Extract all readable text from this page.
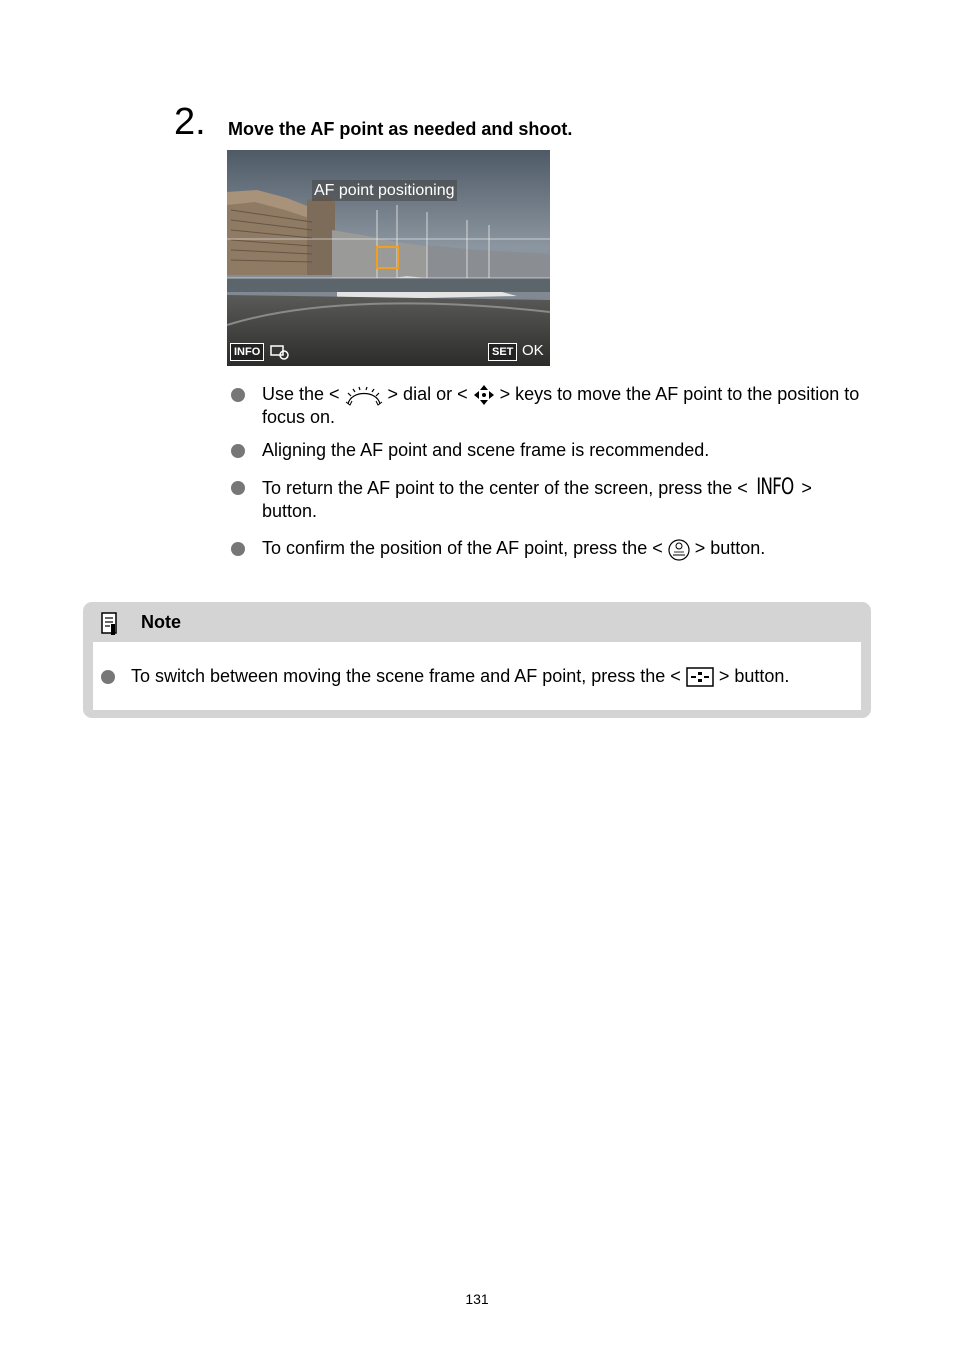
2. Move the AF point as needed and shoot.
AF point positioning
INFO	SET OK
Use the <  > dial or <  > keys to move the AF point to the position to focus on.
Aligning the AF point and scene frame is recommended.
To return the AF point to the center of the screen, press the < INFO > button.
To confirm the position of the AF point, press the <  > button.
Note
To switch between moving the scene frame and AF point, press the <  > button.
131
